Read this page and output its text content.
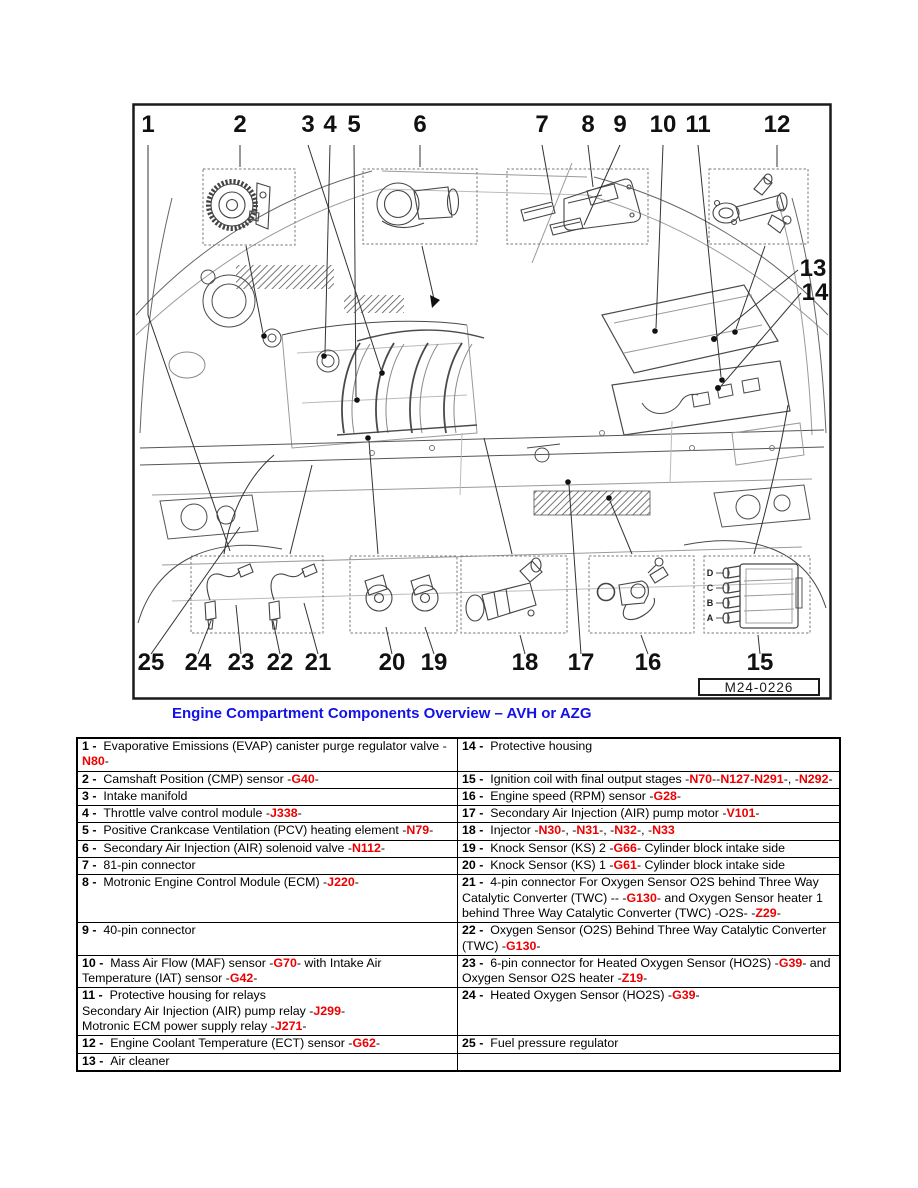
1	2 3 4 5 6	7 8 9 10 11 12
25 24 23 22 21 20 19	18 17 16	15
13
14
D
C
B
A
M24-0226
Engine Compartment Components Overview – AVH or AZG
1 - Evaporative Emissions (EVAP) canister purge regulator valve -N80-	14 - Protective housing
2 - Camshaft Position (CMP) sensor -G40-	15 - Ignition coil with final output stages -N70--N127-N291-, -N292-
3 - Intake manifold	16 - Engine speed (RPM) sensor -G28-
4 - Throttle valve control module -J338-	17 - Secondary Air Injection (AIR) pump motor -V101-
5 - Positive Crankcase Ventilation (PCV) heating element -N79-	18 - Injector -N30-, -N31-, -N32-, -N33
6 - Secondary Air Injection (AIR) solenoid valve -N112-	19 - Knock Sensor (KS) 2 -G66- Cylinder block intake side
7 - 81-pin connector	20 - Knock Sensor (KS) 1 -G61- Cylinder block intake side
8 - Motronic Engine Control Module (ECM) -J220-	21 - 4-pin connector For Oxygen Sensor O2S behind Three Way Catalytic Converter (TWC) -- -G130- and Oxygen Sensor heater 1 behind Three Way Catalytic Converter (TWC) -O2S- -Z29-
9 - 40-pin connector	22 - Oxygen Sensor (O2S) Behind Three Way Catalytic Converter (TWC) -G130-
10 - Mass Air Flow (MAF) sensor -G70- with Intake Air Temperature (IAT) sensor -G42-	23 - 6-pin connector for Heated Oxygen Sensor (HO2S) -G39- and Oxygen Sensor O2S heater -Z19-
11 - Protective housing for relays
Secondary Air Injection (AIR) pump relay -J299-
Motronic ECM power supply relay -J271-	24 - Heated Oxygen Sensor (HO2S) -G39-
12 - Engine Coolant Temperature (ECT) sensor -G62-	25 - Fuel pressure regulator
13 - Air cleaner	
